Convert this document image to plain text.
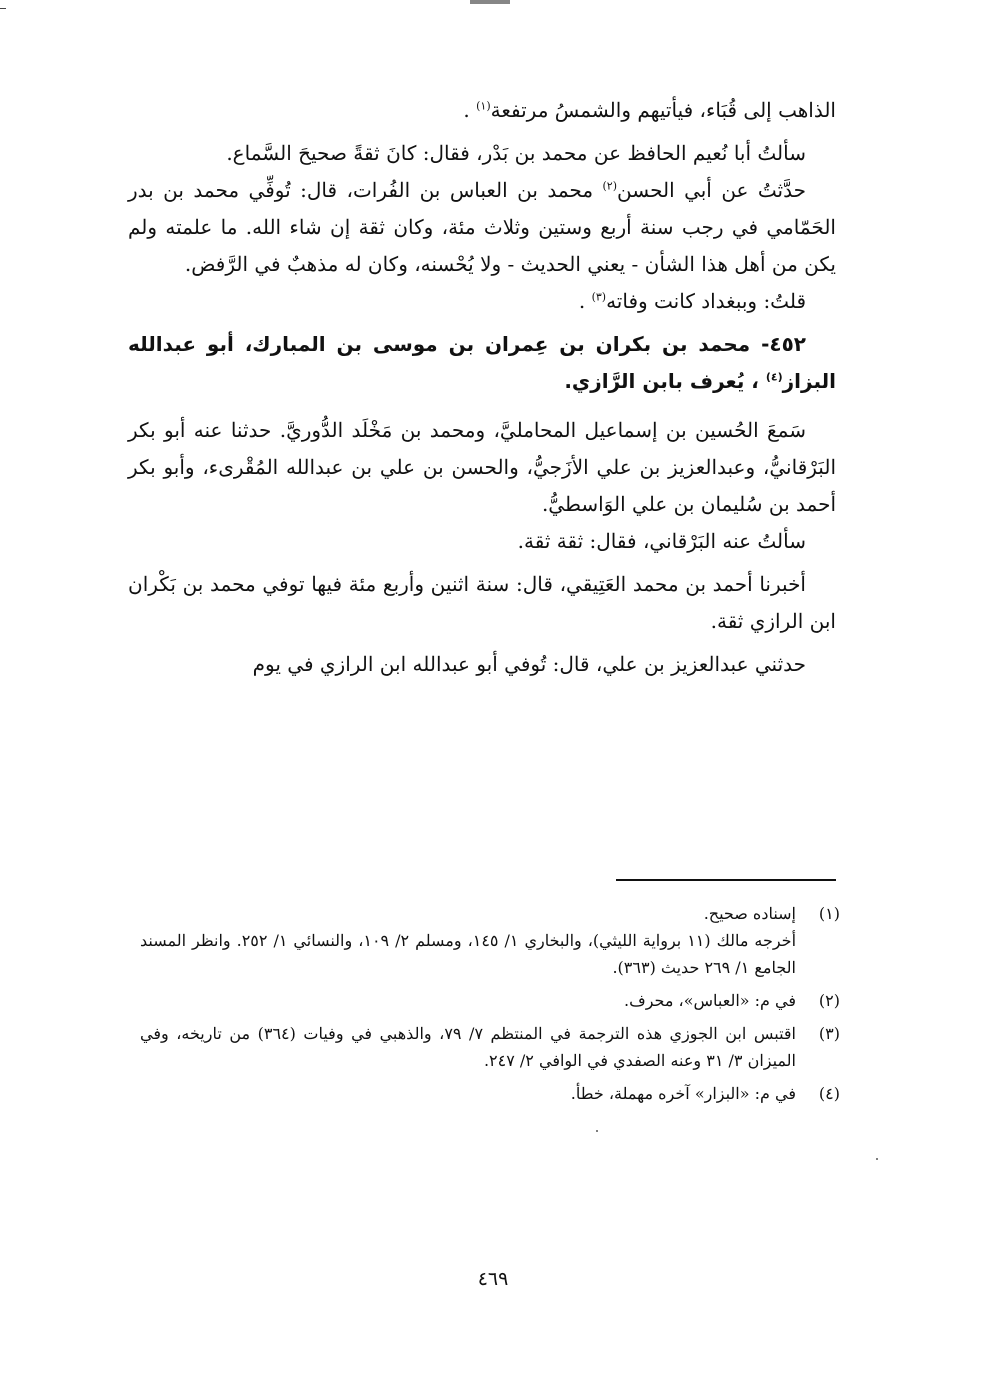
الذاهب إلى قُبَاء، فيأتيهم والشمسُ مرتفعة$^{(١)}$ .

سألتُ أبا نُعيم الحافظ عن محمد بن بَدْر، فقال: كانَ ثقةً صحيحَ السَّماع.

حدَّثتُ عن أبي الحسن$^{(٢)}$ محمد بن العباس بن الفُرات، قال: تُوفِّي محمد بن بدر الحَمّامي في رجب سنة أربع وستين وثلاث مئة، وكان ثقة إن شاء الله. ما علمته ولم يكن من أهل هذا الشأن - يعني الحديث - ولا يُحْسنه، وكان له مذهبٌ في الرَّفض.

قلتُ: وببغداد كانت وفاته$^{(٣)}$ .

٤٥٢- محمد بن بكران بن عِمران بن موسى بن المبارك، أبو عبدالله البزاز$^{(٤)}$ ، يُعرف بابن الرَّازي.

سَمعَ الحُسين بن إسماعيل المحامليَّ، ومحمد بن مَخْلَد الدُّوريَّ. حدثنا عنه أبو بكر البَرْقانيُّ، وعبدالعزيز بن علي الأزَجيُّ، والحسن بن علي بن عبدالله المُقْرىء، وأبو بكر أحمد بن سُليمان بن علي الوَاسطيُّ.

سألتُ عنه البَرْقاني، فقال: ثقة ثقة.

أخبرنا أحمد بن محمد العَتِيقي، قال: سنة اثنين وأربع مئة فيها توفي محمد بن بَكْران ابن الرازي ثقة.

حدثني عبدالعزيز بن علي، قال: تُوفي أبو عبدالله ابن الرازي في يوم

(١)
إسناده صحيح.
أخرجه مالك (١١ برواية الليثي)، والبخاري ١/ ١٤٥، ومسلم ٢/ ١٠٩، والنسائي ١/ ٢٥٢. وانظر المسند الجامع ١/ ٢٦٩ حديث (٣٦٣).
(٢)
في م: «العباس»، محرف.
(٣)
اقتبس ابن الجوزي هذه الترجمة في المنتظم ٧/ ٧٩، والذهبي في وفيات (٣٦٤) من تاريخه، وفي الميزان ٣/ ٣١ وعنه الصفدي في الوافي ٢/ ٢٤٧.
(٤)
في م: «البزار» آخره مهملة، خطأ.
٤٦٩
